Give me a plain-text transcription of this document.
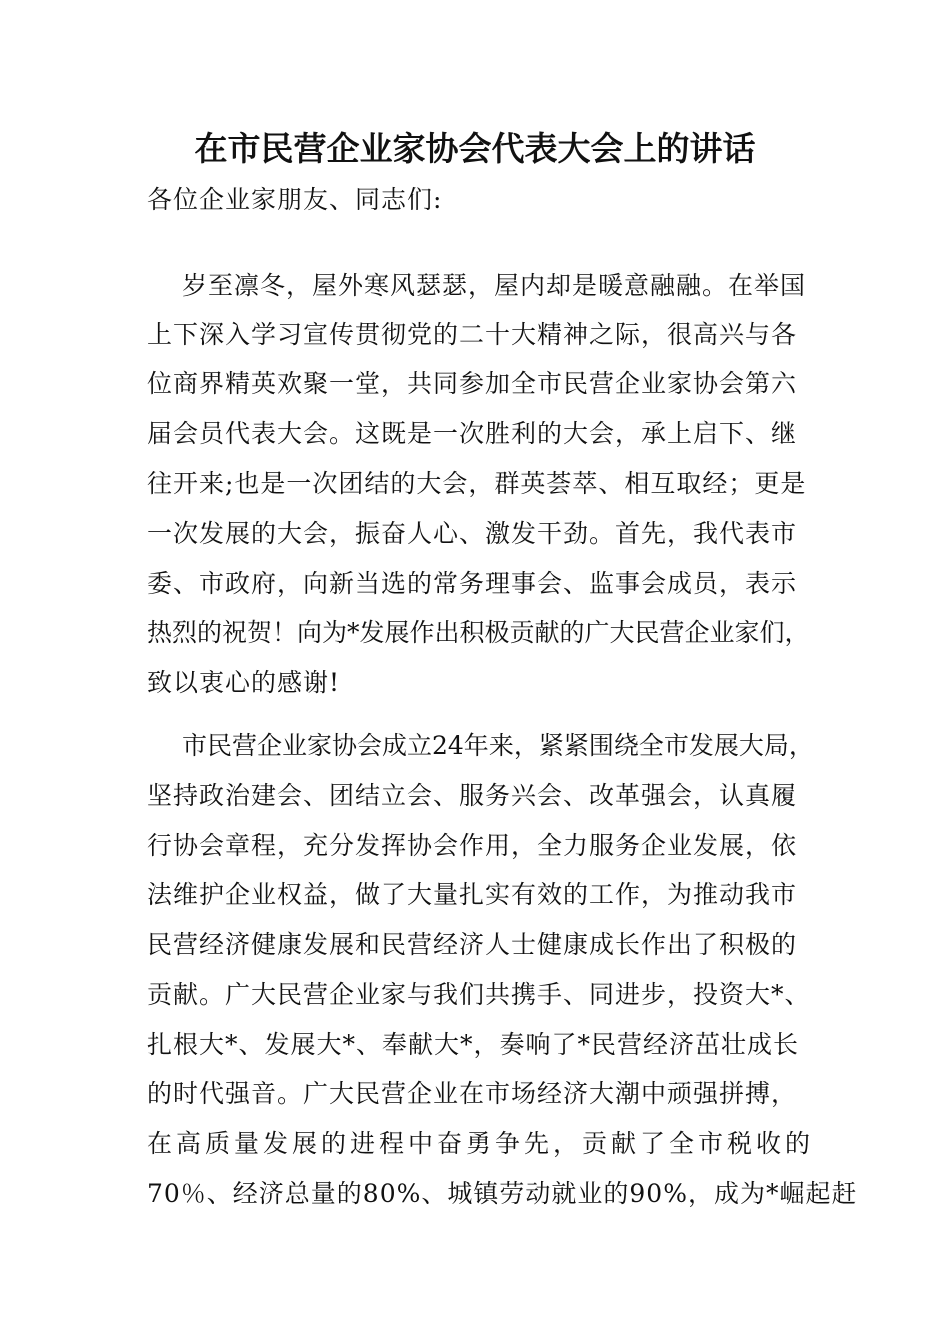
在市民营企业家协会代表大会上的讲话
各位企业家朋友、同志们:
岁至凛冬，屋外寒风瑟瑟，屋内却是暖意融融。在举国
上下深入学习宣传贯彻党的二十大精神之际，很高兴与各
位商界精英欢聚一堂，共同参加全市民营企业家协会第六
届会员代表大会。这既是一次胜利的大会，承上启下、继
往开来;也是一次团结的大会，群英荟萃、相互取经；更是
一次发展的大会，振奋人心、激发干劲。首先，我代表市
委、市政府，向新当选的常务理事会、监事会成员，表示
热烈的祝贺！向为*发展作出积极贡献的广大民营企业家们，
致以衷心的感谢!
市民营企业家协会成立24年来，紧紧围绕全市发展大局，
坚持政治建会、团结立会、服务兴会、改革强会，认真履
行协会章程，充分发挥协会作用，全力服务企业发展，依
法维护企业权益，做了大量扎实有效的工作，为推动我市
民营经济健康发展和民营经济人士健康成长作出了积极的
贡献。广大民营企业家与我们共携手、同进步，投资大*、
扎根大*、发展大*、奉献大*，奏响了*民营经济茁壮成长
的时代强音。广大民营企业在市场经济大潮中顽强拼搏，
在高质量发展的进程中奋勇争先，贡献了全市税收的
70％、经济总量的80%、城镇劳动就业的90%，成为*崛起赶
